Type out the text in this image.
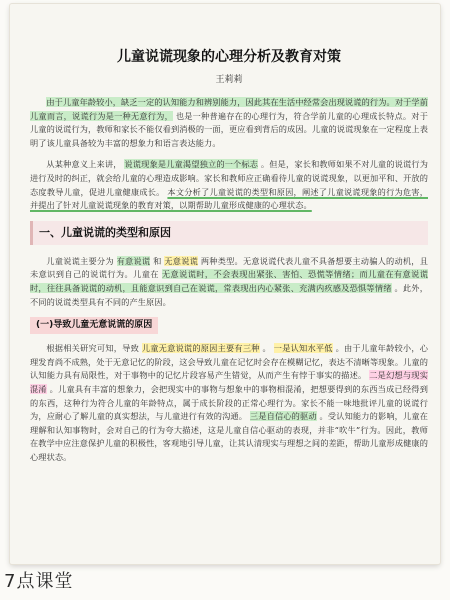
儿童说谎现象的心理分析及教育对策
王莉莉

由于儿童年龄较小，缺乏一定的认知能力和辨别能力，因此其在生活中经常会出现说谎的行为。对于学前儿童而言，说谎行为是一种无意行为， 也是一种普遍存在的心理行为，符合学前儿童的心理成长特点。对于儿童的说谎行为，教师和家长不能仅看到消极的一面，更应看到背后的成因。儿童的说谎现象在一定程度上表明了该儿童具备较为丰富的想象力和语言表达能力。

从某种意义上来讲， 说谎现象是儿童渴望独立的一个标志 。但是，家长和教师如果不对儿童的说谎行为进行及时的纠正，就会给儿童的心理造成影响。家长和教师应正确看待儿童的说谎现象，以更加平和、开放的态度教导儿童，促进儿童健康成长。 本文分析了儿童说谎的类型和原因，阐述了儿童说谎现象的行为危害，并提出了针对儿童说谎现象的教育对策，以期帮助儿童形成健康的心理状态。

一、儿童说谎的类型和原因

儿童说谎主要分为 有意说谎 和 无意说谎 两种类型。无意说谎代表儿童不具备想要主动骗人的动机，且未意识到自己的说谎行为。儿童在 无意说谎时，不会表现出紧张、害怕、恐慌等情绪；而儿童在有意说谎时，往往具备说谎的动机，且能意识到自己在说谎，常表现出内心紧张、充满内疚感及恐惧等情绪 。此外，不同的说谎类型具有不同的产生原因。

(一)导致儿童无意说谎的原因

根据相关研究可知，导致 儿童无意说谎的原因主要有三种 。 一是认知水平低 。由于儿童年龄较小，心理发育尚不成熟，处于无意记忆的阶段，这会导致儿童在记忆时会存在模糊记忆，表达不清晰等现象。儿童的认知能力具有局限性，对于事物中的记忆片段容易产生错觉，从而产生有悖于事实的描述。 二是幻想与现实混淆 。儿童具有丰富的想象力，会把现实中的事物与想象中的事物相混淆，把想要得到的东西当成已经得到的东西，这种行为符合儿童的年龄特点，属于成长阶段的正常心理行为。家长不能一味地批评儿童的说谎行为，应耐心了解儿童的真实想法，与儿童进行有效的沟通。 三是自信心的驱动 。受认知能力的影响，儿童在理解和认知事物时，会对自己的行为夸大描述，这是儿童自信心驱动的表现，并非“吹牛”行为。因此，教师在教学中应注意保护儿童的积极性，客观地引导儿童，让其认清现实与理想之间的差距，帮助儿童形成健康的心理状态。

7点课堂
